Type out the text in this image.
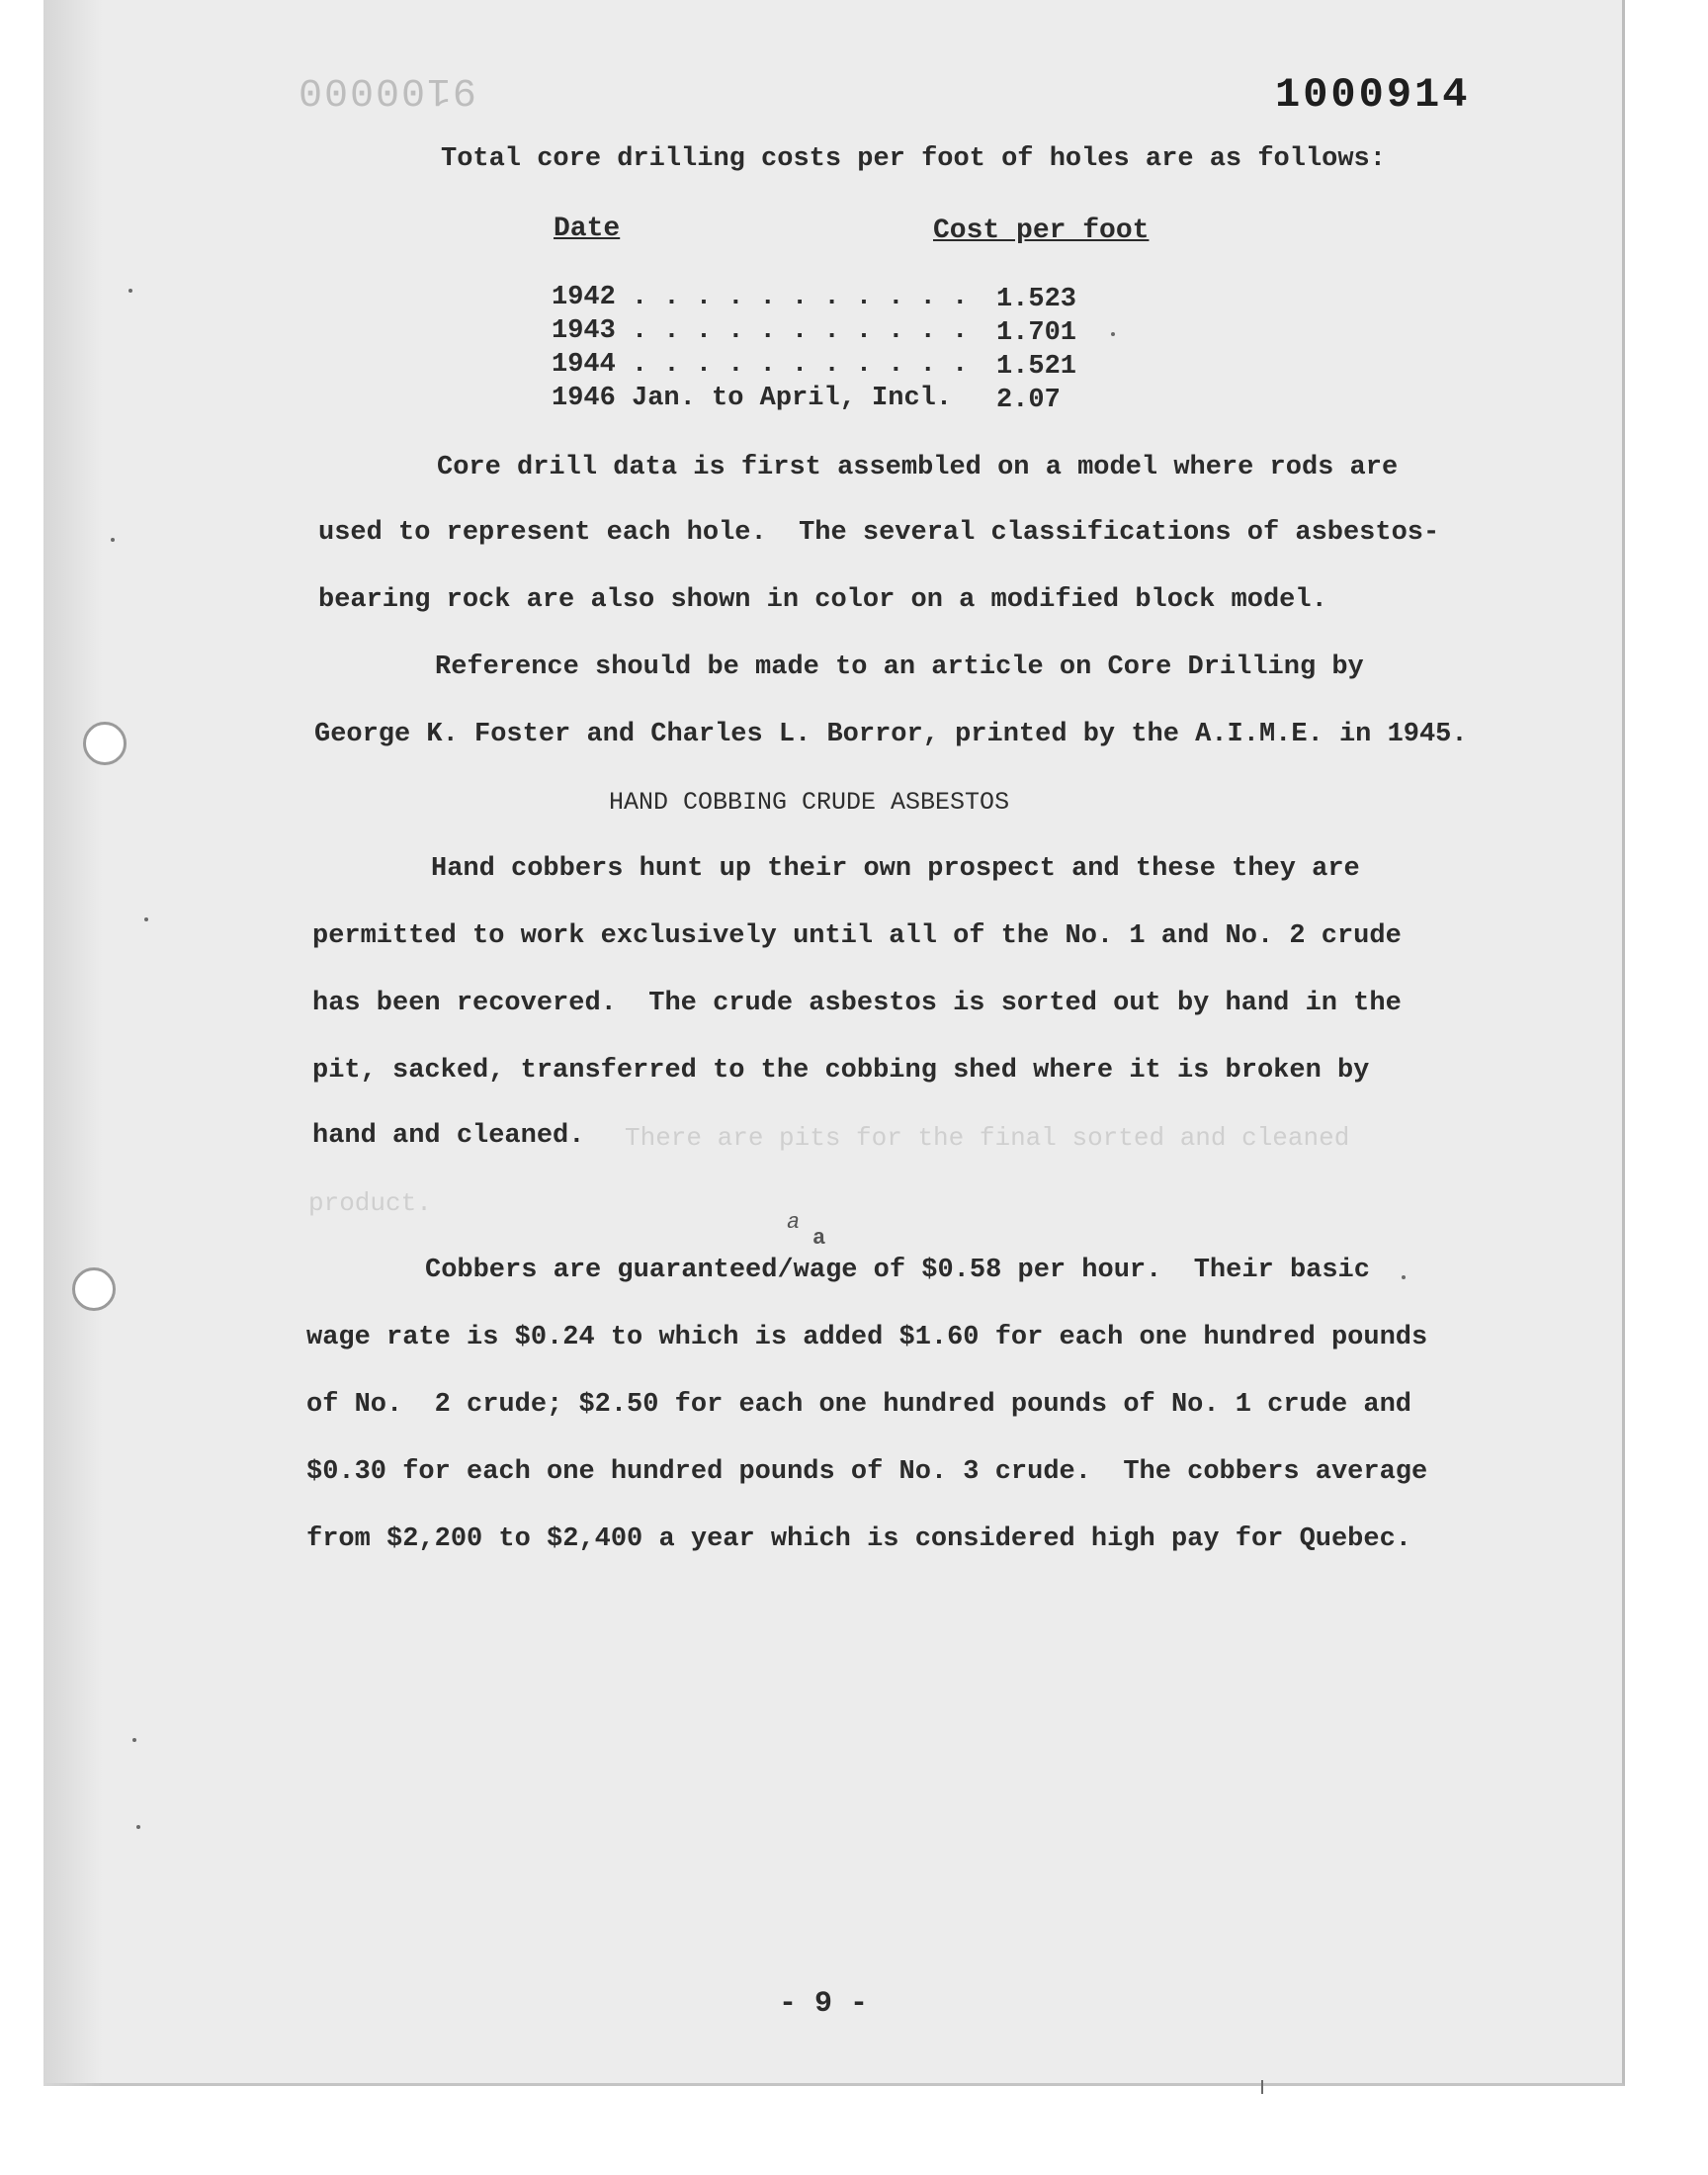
9100000	1000914
Total core drilling costs per foot of holes are as follows:
Date	Cost per foot
1942 . . . . . . . . . . . 1.523
1943 . . . . . . . . . . . 1.701
1944 . . . . . . . . . . . 1.521
1946 Jan. to April, Incl. 2.07
Core drill data is first assembled on a model where rods are
used to represent each hole.  The several classifications of asbestos-
bearing rock are also shown in color on a modified block model.
Reference should be made to an article on Core Drilling by
George K. Foster and Charles L. Borror, printed by the A.I.M.E. in 1945.
HAND COBBING CRUDE ASBESTOS
Hand cobbers hunt up their own prospect and these they are
permitted to work exclusively until all of the No. 1 and No. 2 crude
has been recovered.  The crude asbestos is sorted out by hand in the
pit, sacked, transferred to the cobbing shed where it is broken by
hand and cleaned. There are pits for the final sorted and cleaned
product.
a
a
Cobbers are guaranteed/wage of $0.58 per hour.  Their basic
wage rate is $0.24 to which is added $1.60 for each one hundred pounds
of No.  2 crude; $2.50 for each one hundred pounds of No. 1 crude and
$0.30 for each one hundred pounds of No. 3 crude.  The cobbers average
from $2,200 to $2,400 a year which is considered high pay for Quebec.
- 9 -
